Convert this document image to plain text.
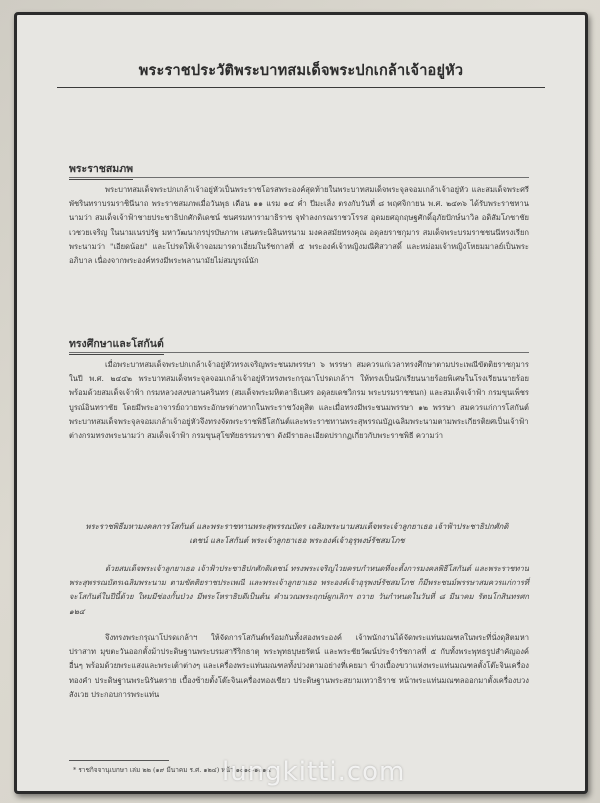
พระราชประวัติพระบาทสมเด็จพระปกเกล้าเจ้าอยู่หัว
พระราชสมภพ

พระบาทสมเด็จพระปกเกล้าเจ้าอยู่หัวเป็นพระราชโอรสพระองค์สุดท้ายในพระบาทสมเด็จพระจุลจอมเกล้าเจ้าอยู่หัว และสมเด็จพระศรีพัชรินทราบรมราชินีนาถ พระราชสมภพเมื่อวันพุธ เดือน ๑๑ แรม ๑๔ ค่ำ ปีมะเส็ง ตรงกับวันที่ ๘ พฤศจิกายน พ.ศ. ๒๔๓๖ ได้รับพระราชทานนามว่า สมเด็จเจ้าฟ้าชายประชาธิปกศักดิเดชน์ ชนศรมหารามาธิราช จุฬาลงกรณราชวโรรส อุดมยศอุกฤษฐศักดิ์อุภัยปักษ์นาวิล อดิสัมโภชาชัย เวชวยเจริญ ในนามเนรปรัฐ มหาวัฒนากรปุรบัษภาพ เสนตระนิลินทรนาม มงคลสมัยทรงคุณ อดุลยราชกุมาร สมเด็จพระบรมราชชนนีทรงเรียกพระนามว่า "เอียดน้อย" และโปรดให้เจ้าจอมมารดาเอี่ยมในรัชกาลที่ ๕ พระองค์เจ้าหญิงมณีศิสวาสดิ์ และหม่อมเจ้าหญิงโหยมมาลย์เป็นพระอภิบาล เนื่องจากพระองค์ทรงมีพระพลานามัยไม่สมบูรณ์นัก

ทรงศึกษาและโสกันต์

เมื่อพระบาทสมเด็จพระปกเกล้าเจ้าอยู่หัวทรงเจริญพระชนมพรรษา ๖ พรรษา สมควรแก่เวลาทรงศึกษาตามประเพณีขัตติยราชกุมาร ในปี พ.ศ. ๒๔๔๒ พระบาทสมเด็จพระจุลจอมเกล้าเจ้าอยู่หัวทรงพระกรุณาโปรดเกล้าฯ ให้ทรงเป็นนักเรียนนายร้อยพิเศษในโรงเรียนนายร้อยพร้อมด้วยสมเด็จเจ้าฟ้า กรมหลวงสงขลานครินทร (สมเด็จพระมหิตลาธิเบศร อดุลยเดชวิกรม พระบรมราชชนก) และสมเด็จเจ้าฟ้า กรมขุนเพ็ชรบูรณ์อินทราชัย โดยมีพระอาจารย์ถวายพระอักษรต่างหากในพระราชวังดุสิต และเมื่อทรงมีพระชนมพรรษา ๑๒ พรรษา สมควรแก่การโสกันต์ พระบาทสมเด็จพระจุลจอมเกล้าเจ้าอยู่หัวจึงทรงจัดพระราชพิธีโสกันต์และพระราชทานพระสุพรรณบัฏเฉลิมพระนามตามพระเกียรติยศเป็นเจ้าฟ้าต่างกรมทรงพระนามว่า สมเด็จเจ้าฟ้า กรมขุนสุโขทัยธรรมราชา ดังมีรายละเอียดปรากฏเกี่ยวกับพระราชพิธี ความว่า

พระราชพิธีมหามงคลการโสกันต์ และพระราชทานพระสุพรรณบัตร เฉลิมพระนามสมเด็จพระเจ้าลูกยาเธอ เจ้าฟ้าประชาธิปกศักดิเดชน์ และโสกันต์ พระเจ้าลูกยาเธอ พระองค์เจ้าอุรุพงษ์รัชสมโภช

ด้วยสมเด็จพระเจ้าลูกยาเธอ เจ้าฟ้าประชาธิปกศักดิเดชน์ ทรงพระเจริญไวยครบกำหนดที่จะตั้งการมงคลพิธีโสกันต์ และพระราชทานพระสุพรรณบัตรเฉลิมพระนาม ตามขัตติยราชประเพณี และพระเจ้าลูกยาเธอ พระองค์เจ้าอุรุพงษ์รัชสมโภช ก็มีพระชนม์พรรษาสมควรแก่การที่จะโสกันต์ในปีนี้ด้วย ใหมมีช่องกั้นป่วง มีพระโหราธิบดีเป็นต้น คำนวณพระฤกษ์ผูกเลิกฯ ถวาย วันกำหนดในวันที่ ๘ มีนาคม รัตนโกสินทรศก ๑๒๔

จึงทรงพระกรุณาโปรดเกล้าฯ ให้จัดการโสกันต์พร้อมกันทั้งสองพระองค์ เจ้าพนักงานได้จัดพระแท่นมณฑลในพระที่นั่งดุสิตมหาปราสาท มุขตะวันออกตั้งม้าประดิษฐานพระบรมสารีริกธาตุ พระพุทธบุษยรัตน์ และพระชัยวัฒน์ประจำรัชกาลที่ ๕ กับทั้งพระพุทธรูปสำคัญองค์อื่นๆ พร้อมด้วยพระแสงและพระเต้าต่างๆ และเครื่องพระแท่นมณฑลทั้งปวงตามอย่างที่เคยมา ข้างเบื้องขวาแห่งพระแท่นมณฑลตั้งโต๊ะจินเครื่องทองคำ ประดิษฐานพระนิรันตราย เบื้องซ้ายตั้งโต๊ะจินเครื่องทองเขียว ประดิษฐานพระสยามเทวาธิราช หน้าพระแท่นมณฑลออกมาตั้งเครื่องบวงสังเวย ประกอบการพระแท่น

* ราชกิจจานุเบกษา เล่ม ๒๒ (๑๙ มีนาคม ร.ศ. ๑๒๔) หน้า ๑๐๑๐-๑๐๑๔
lungkitti.com
